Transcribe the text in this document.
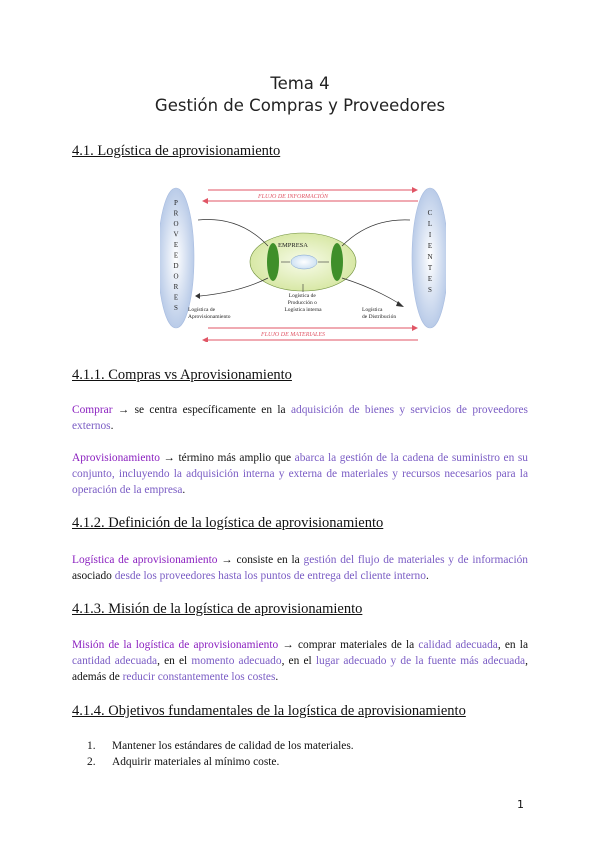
Tema 4
Gestión de Compras y Proveedores
4.1. Logística de aprovisionamiento
FLUJO DE INFORMACIÓN
FLUJO DE MATERIALES
P
R
O
V
E
E
D
O
R
E
S
C
L
I
E
N
T
E
S
EMPRESA
Logística de Aprovisionamiento
Logística de Producción o Logística interna	Logística de Distribución
4.1.1. Compras vs Aprovisionamiento
Comprar → se centra específicamente en la adquisición de bienes y servicios de proveedores externos.
Aprovisionamiento → término más amplio que abarca la gestión de la cadena de suministro en su conjunto, incluyendo la adquisición interna y externa de materiales y recursos necesarios para la operación de la empresa.
4.1.2. Definición de la logística de aprovisionamiento
Logística de aprovisionamiento → consiste en la gestión del flujo de materiales y de información asociado desde los proveedores hasta los puntos de entrega del cliente interno.
4.1.3. Misión de la logística de aprovisionamiento
Misión de la logística de aprovisionamiento → comprar materiales de la calidad adecuada, en la cantidad adecuada, en el momento adecuado, en el lugar adecuado y de la fuente más adecuada, además de reducir constantemente los costes.
4.1.4. Objetivos fundamentales de la logística de aprovisionamiento
1. Mantener los estándares de calidad de los materiales.
2. Adquirir materiales al mínimo coste.
1
